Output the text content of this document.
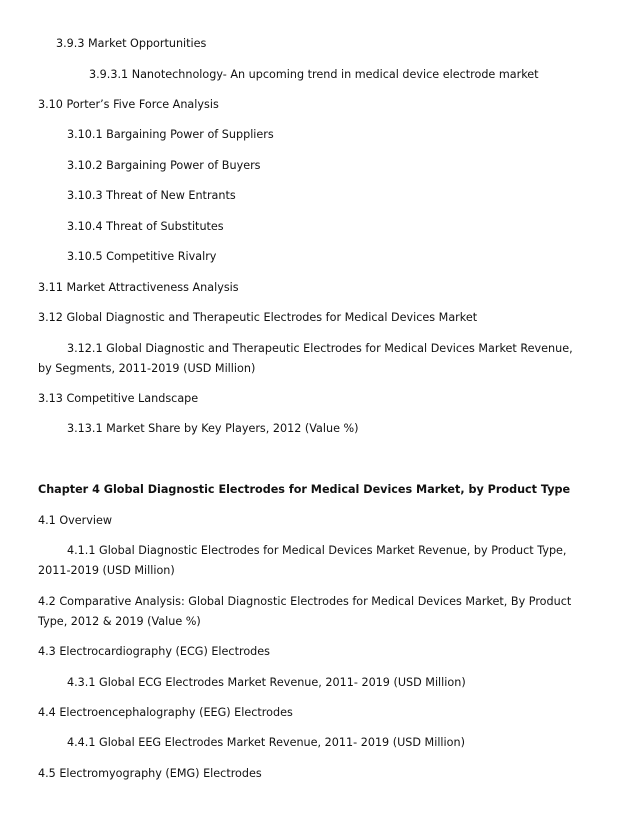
3.9.3 Market Opportunities
3.9.3.1 Nanotechnology- An upcoming trend in medical device electrode market
3.10 Porter’s Five Force Analysis
3.10.1 Bargaining Power of Suppliers
3.10.2 Bargaining Power of Buyers
3.10.3 Threat of New Entrants
3.10.4 Threat of Substitutes
3.10.5 Competitive Rivalry
3.11 Market Attractiveness Analysis
3.12 Global Diagnostic and Therapeutic Electrodes for Medical Devices Market
3.12.1 Global Diagnostic and Therapeutic Electrodes for Medical Devices Market Revenue,
by Segments, 2011-2019 (USD Million)
3.13 Competitive Landscape
3.13.1 Market Share by Key Players, 2012 (Value %)
Chapter 4 Global Diagnostic Electrodes for Medical Devices Market, by Product Type
4.1 Overview
4.1.1 Global Diagnostic Electrodes for Medical Devices Market Revenue, by Product Type,
2011-2019 (USD Million)
4.2 Comparative Analysis: Global Diagnostic Electrodes for Medical Devices Market, By Product
Type, 2012 & 2019 (Value %)
4.3 Electrocardiography (ECG) Electrodes
4.3.1 Global ECG Electrodes Market Revenue, 2011- 2019 (USD Million)
4.4 Electroencephalography (EEG) Electrodes
4.4.1 Global EEG Electrodes Market Revenue, 2011- 2019 (USD Million)
4.5 Electromyography (EMG) Electrodes
